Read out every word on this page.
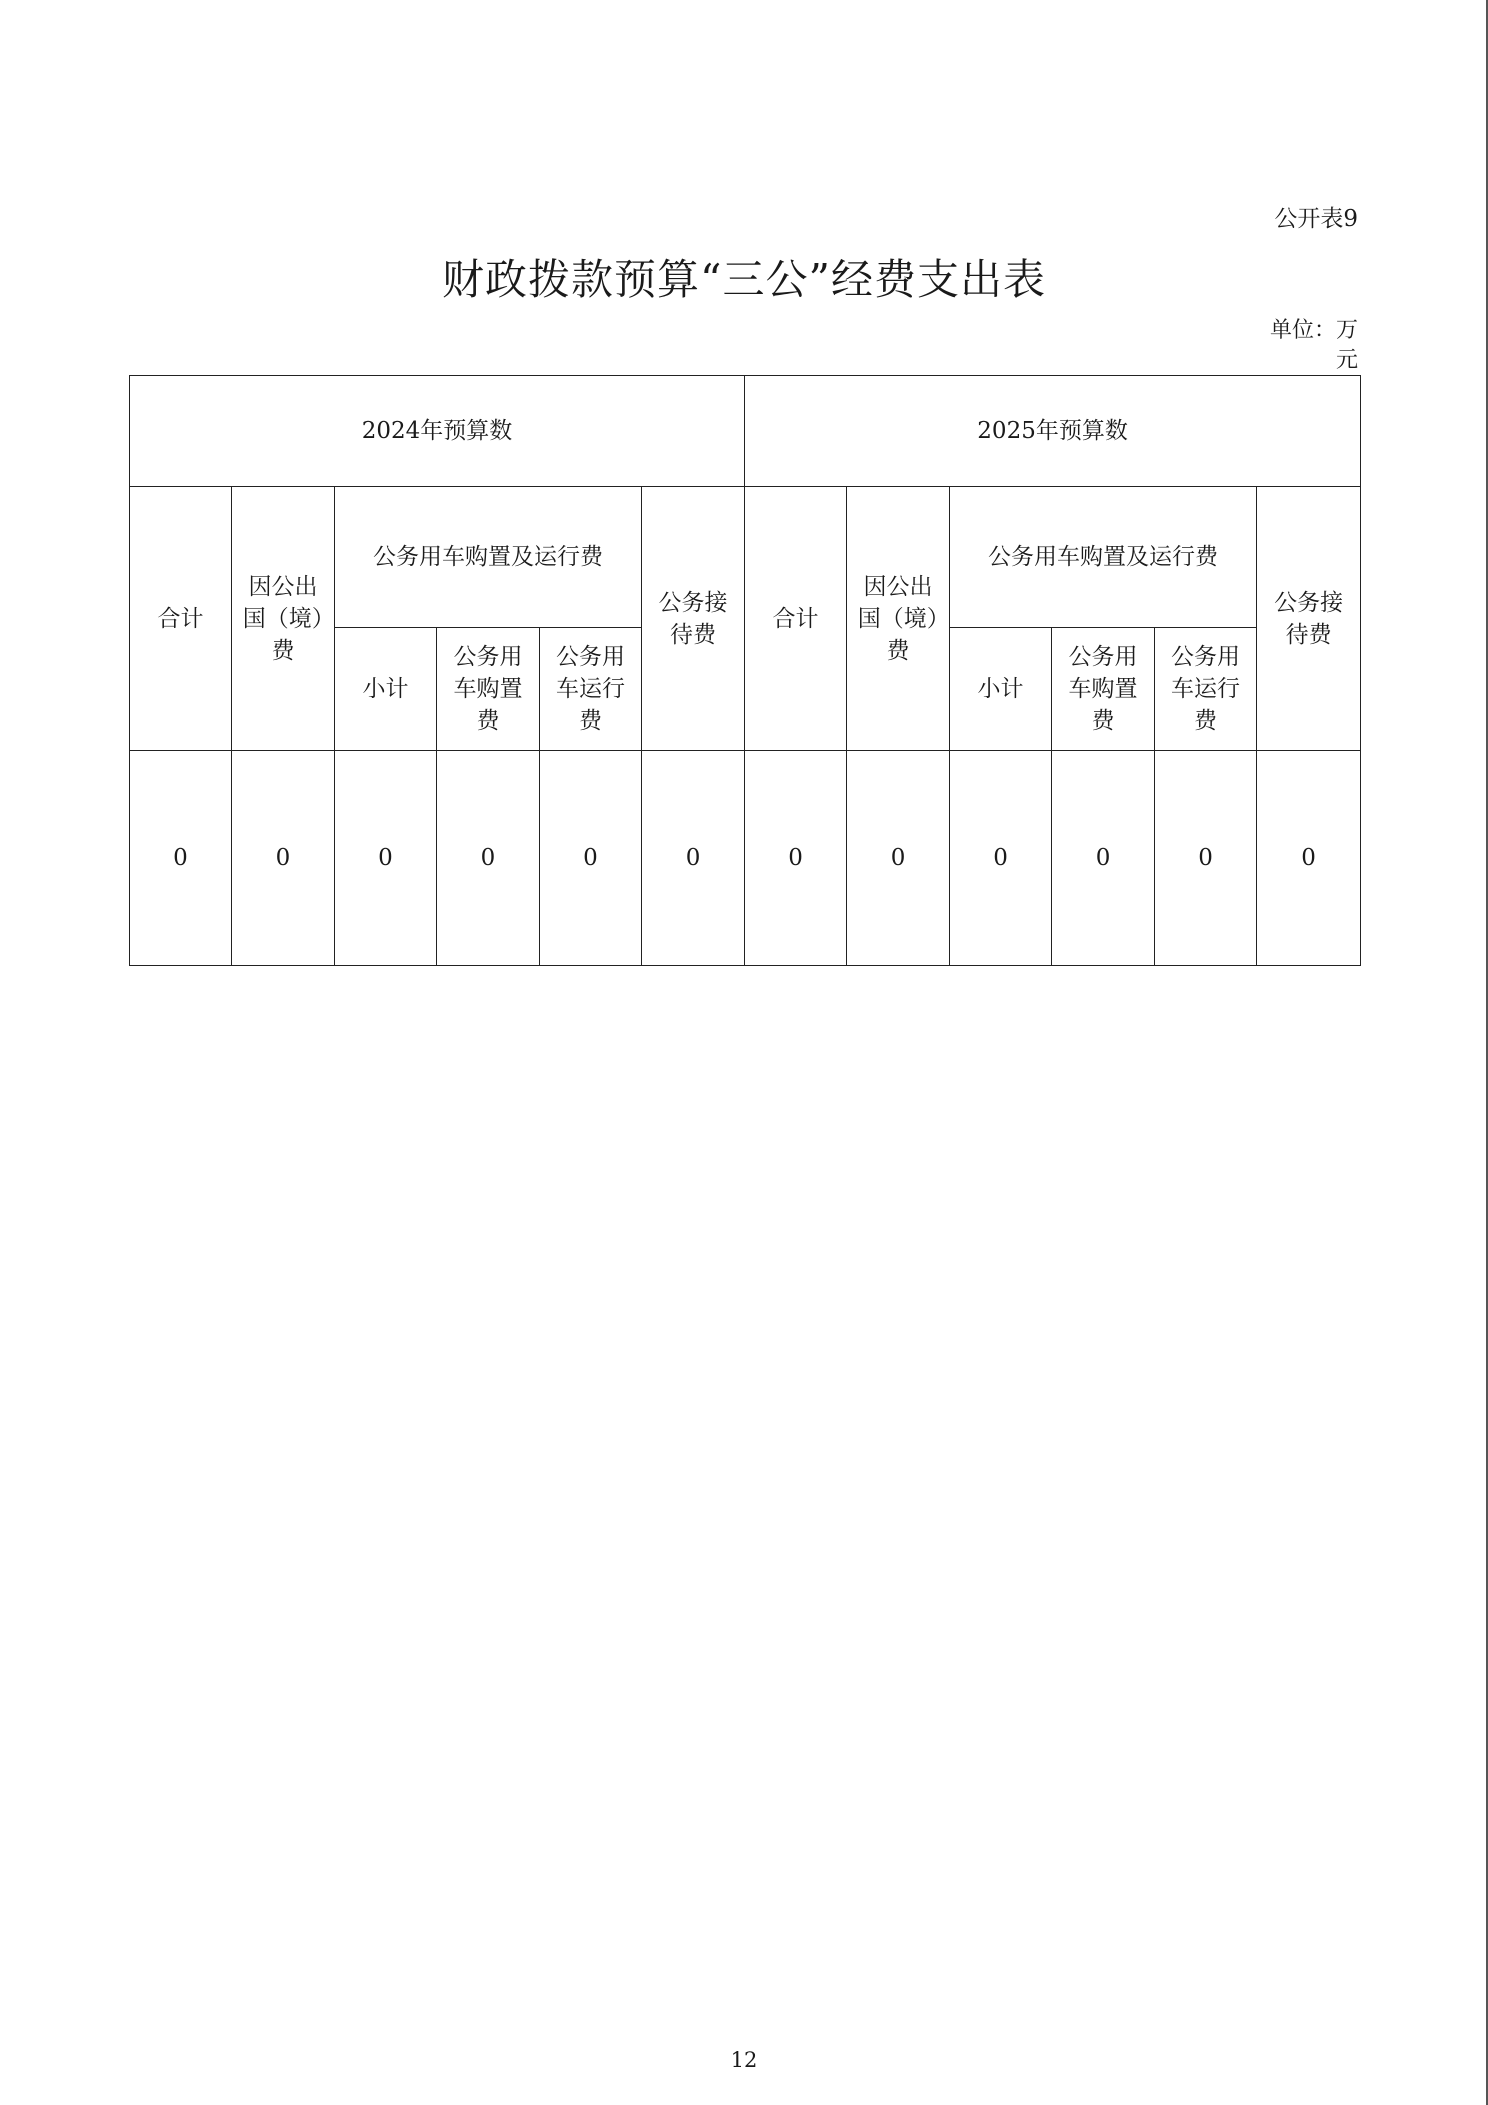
公开表9
财政拨款预算“三公”经费支出表
单位：万元
2024年预算数						2025年预算数					
合计	因公出国（境）费	公务用车购置及运行费			公务接待费	合计	因公出国（境）费	公务用车购置及运行费			公务接待费
		小计	公务用车购置费	公务用车运行费				小计	公务用车购置费	公务用车运行费	
0	0	0	0	0	0	0	0	0	0	0	0
12
